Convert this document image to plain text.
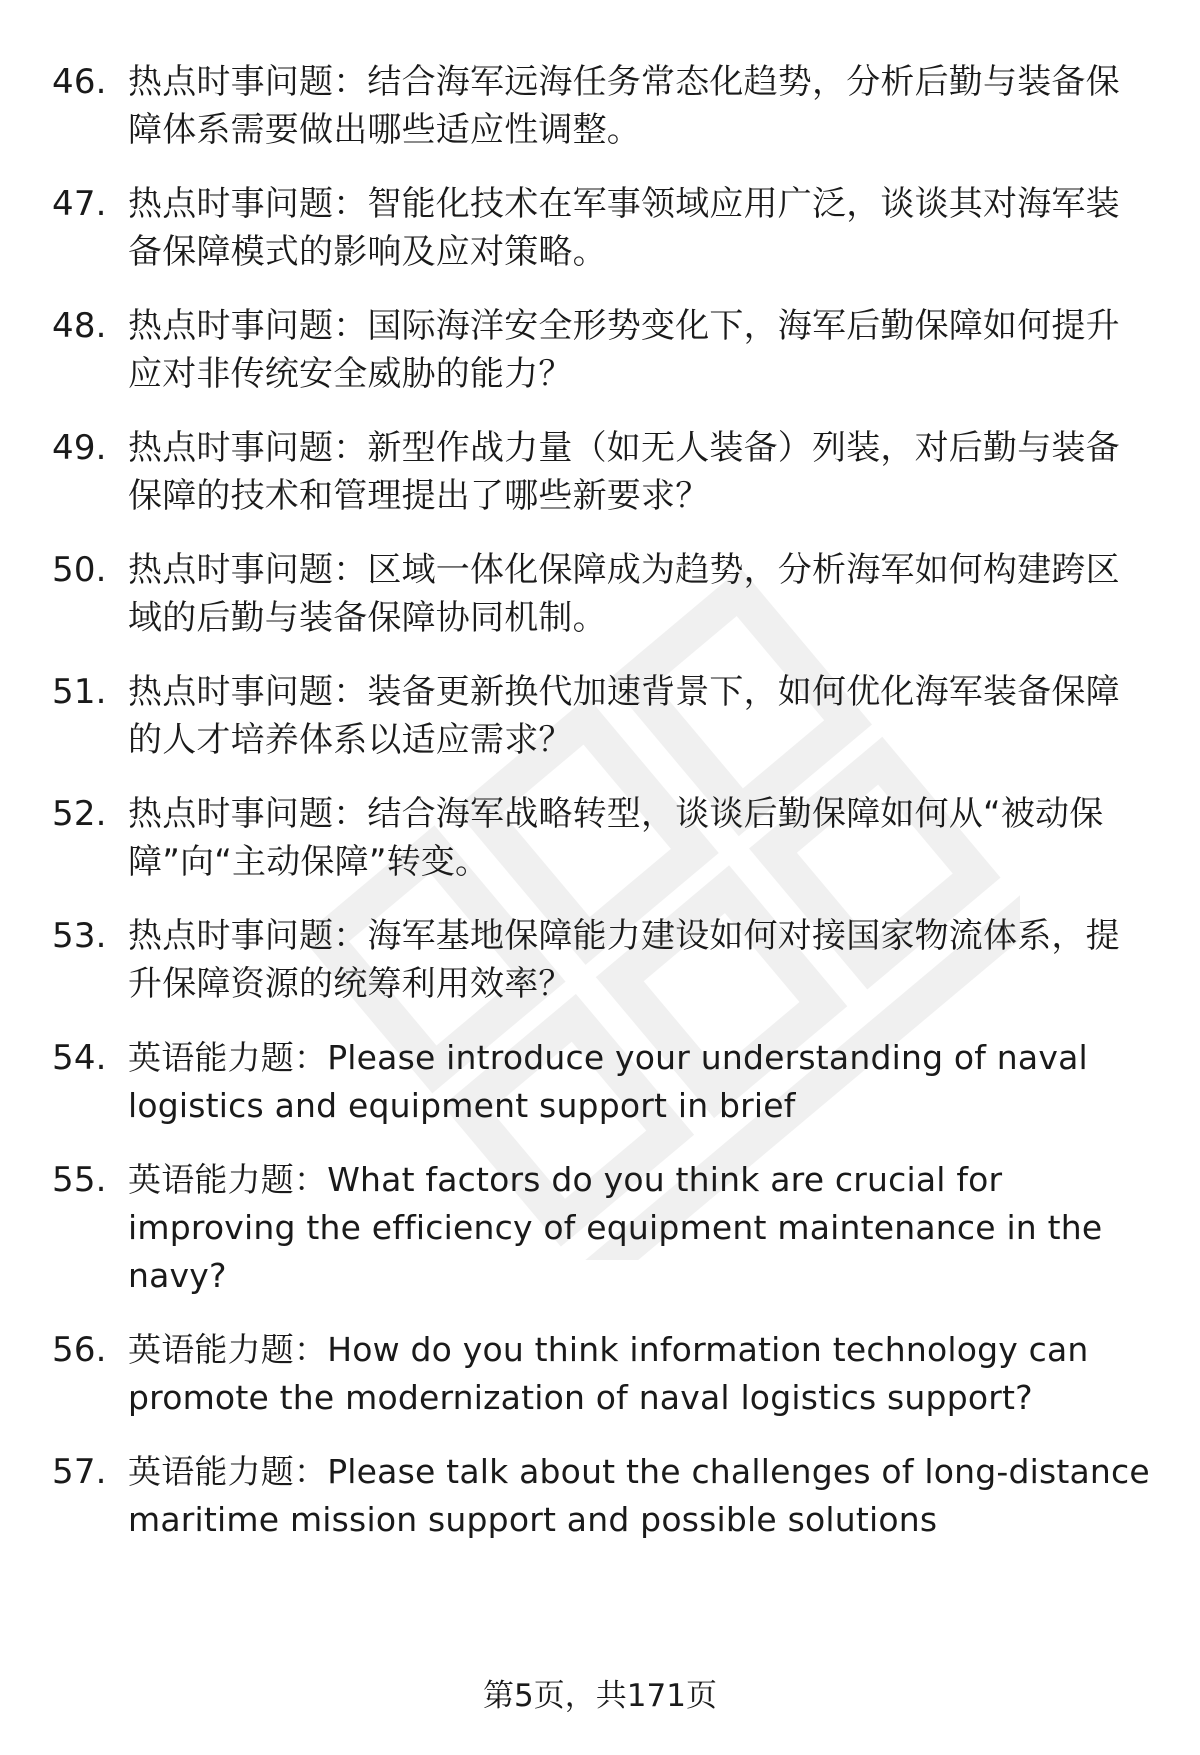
46. 热点时事问题：结合海军远海任务常态化趋势，分析后勤与装备保障体系需要做出哪些适应性调整。
47. 热点时事问题：智能化技术在军事领域应用广泛，谈谈其对海军装备保障模式的影响及应对策略。
48. 热点时事问题：国际海洋安全形势变化下，海军后勤保障如何提升应对非传统安全威胁的能力？
49. 热点时事问题：新型作战力量（如无人装备）列装，对后勤与装备保障的技术和管理提出了哪些新要求？
50. 热点时事问题：区域一体化保障成为趋势，分析海军如何构建跨区域的后勤与装备保障协同机制。
51. 热点时事问题：装备更新换代加速背景下，如何优化海军装备保障的人才培养体系以适应需求？
52. 热点时事问题：结合海军战略转型，谈谈后勤保障如何从“被动保障”向“主动保障”转变。
53. 热点时事问题：海军基地保障能力建设如何对接国家物流体系，提升保障资源的统筹利用效率？
54. 英语能力题：Please introduce your understanding of naval logistics and equipment support in brief
55. 英语能力题：What factors do you think are crucial for improving the efficiency of equipment maintenance in the navy?
56. 英语能力题：How do you think information technology can promote the modernization of naval logistics support?
57. 英语能力题：Please talk about the challenges of long-distance maritime mission support and possible solutions
第5页，共171页
